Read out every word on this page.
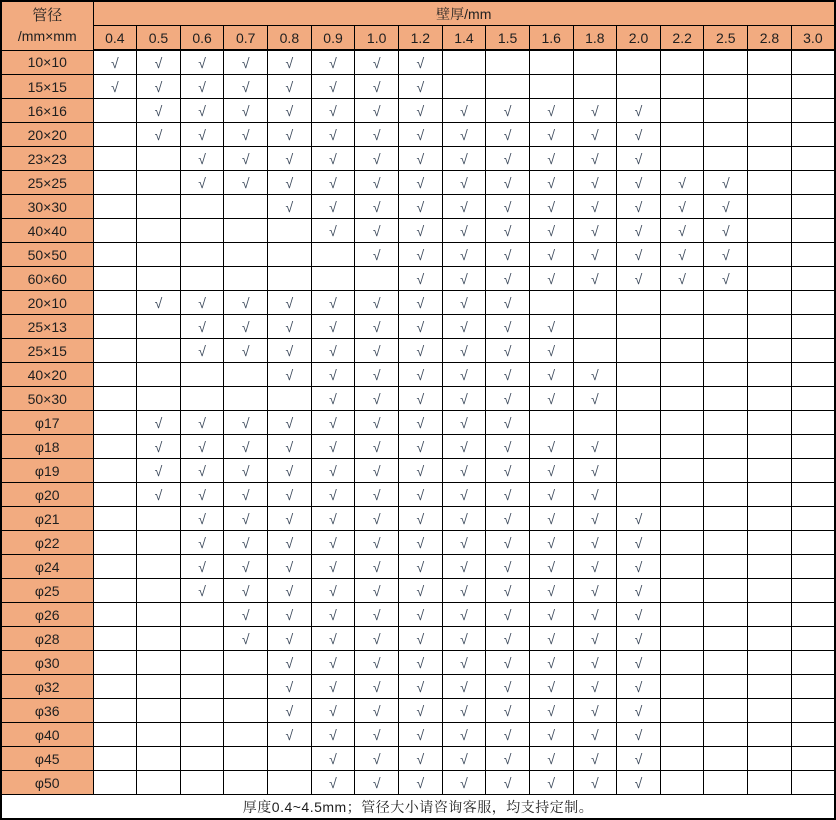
管径
/mm×mm	壁厚/mm																
	0.4	0.5	0.6	0.7	0.8	0.9	1.0	1.2	1.4	1.5	1.6	1.8	2.0	2.2	2.5	2.8	3.0
10×10	√	√	√	√	√	√	√	√									
15×15	√	√	√	√	√	√	√	√									
16×16		√	√	√	√	√	√	√	√	√	√	√	√				
20×20		√	√	√	√	√	√	√	√	√	√	√	√				
23×23			√	√	√	√	√	√	√	√	√	√	√				
25×25			√	√	√	√	√	√	√	√	√	√	√	√	√		
30×30					√	√	√	√	√	√	√	√	√	√	√		
40×40						√	√	√	√	√	√	√	√	√	√		
50×50							√	√	√	√	√	√	√	√	√		
60×60								√	√	√	√	√	√	√	√		
20×10		√	√	√	√	√	√	√	√	√							
25×13			√	√	√	√	√	√	√	√	√						
25×15			√	√	√	√	√	√	√	√	√						
40×20					√	√	√	√	√	√	√	√					
50×30						√	√	√	√	√	√	√					
φ17		√	√	√	√	√	√	√	√	√							
φ18		√	√	√	√	√	√	√	√	√	√	√					
φ19		√	√	√	√	√	√	√	√	√	√	√					
φ20		√	√	√	√	√	√	√	√	√	√	√					
φ21			√	√	√	√	√	√	√	√	√	√	√				
φ22			√	√	√	√	√	√	√	√	√	√	√				
φ24			√	√	√	√	√	√	√	√	√	√	√				
φ25			√	√	√	√	√	√	√	√	√	√	√				
φ26				√	√	√	√	√	√	√	√	√	√				
φ28				√	√	√	√	√	√	√	√	√	√				
φ30					√	√	√	√	√	√	√	√	√				
φ32					√	√	√	√	√	√	√	√	√				
φ36					√	√	√	√	√	√	√	√	√				
φ40					√	√	√	√	√	√	√	√	√				
φ45						√	√	√	√	√	√	√	√				
φ50						√	√	√	√	√	√	√	√				
厚度0.4~4.5mm；管径大小请咨询客服，均支持定制。																	
